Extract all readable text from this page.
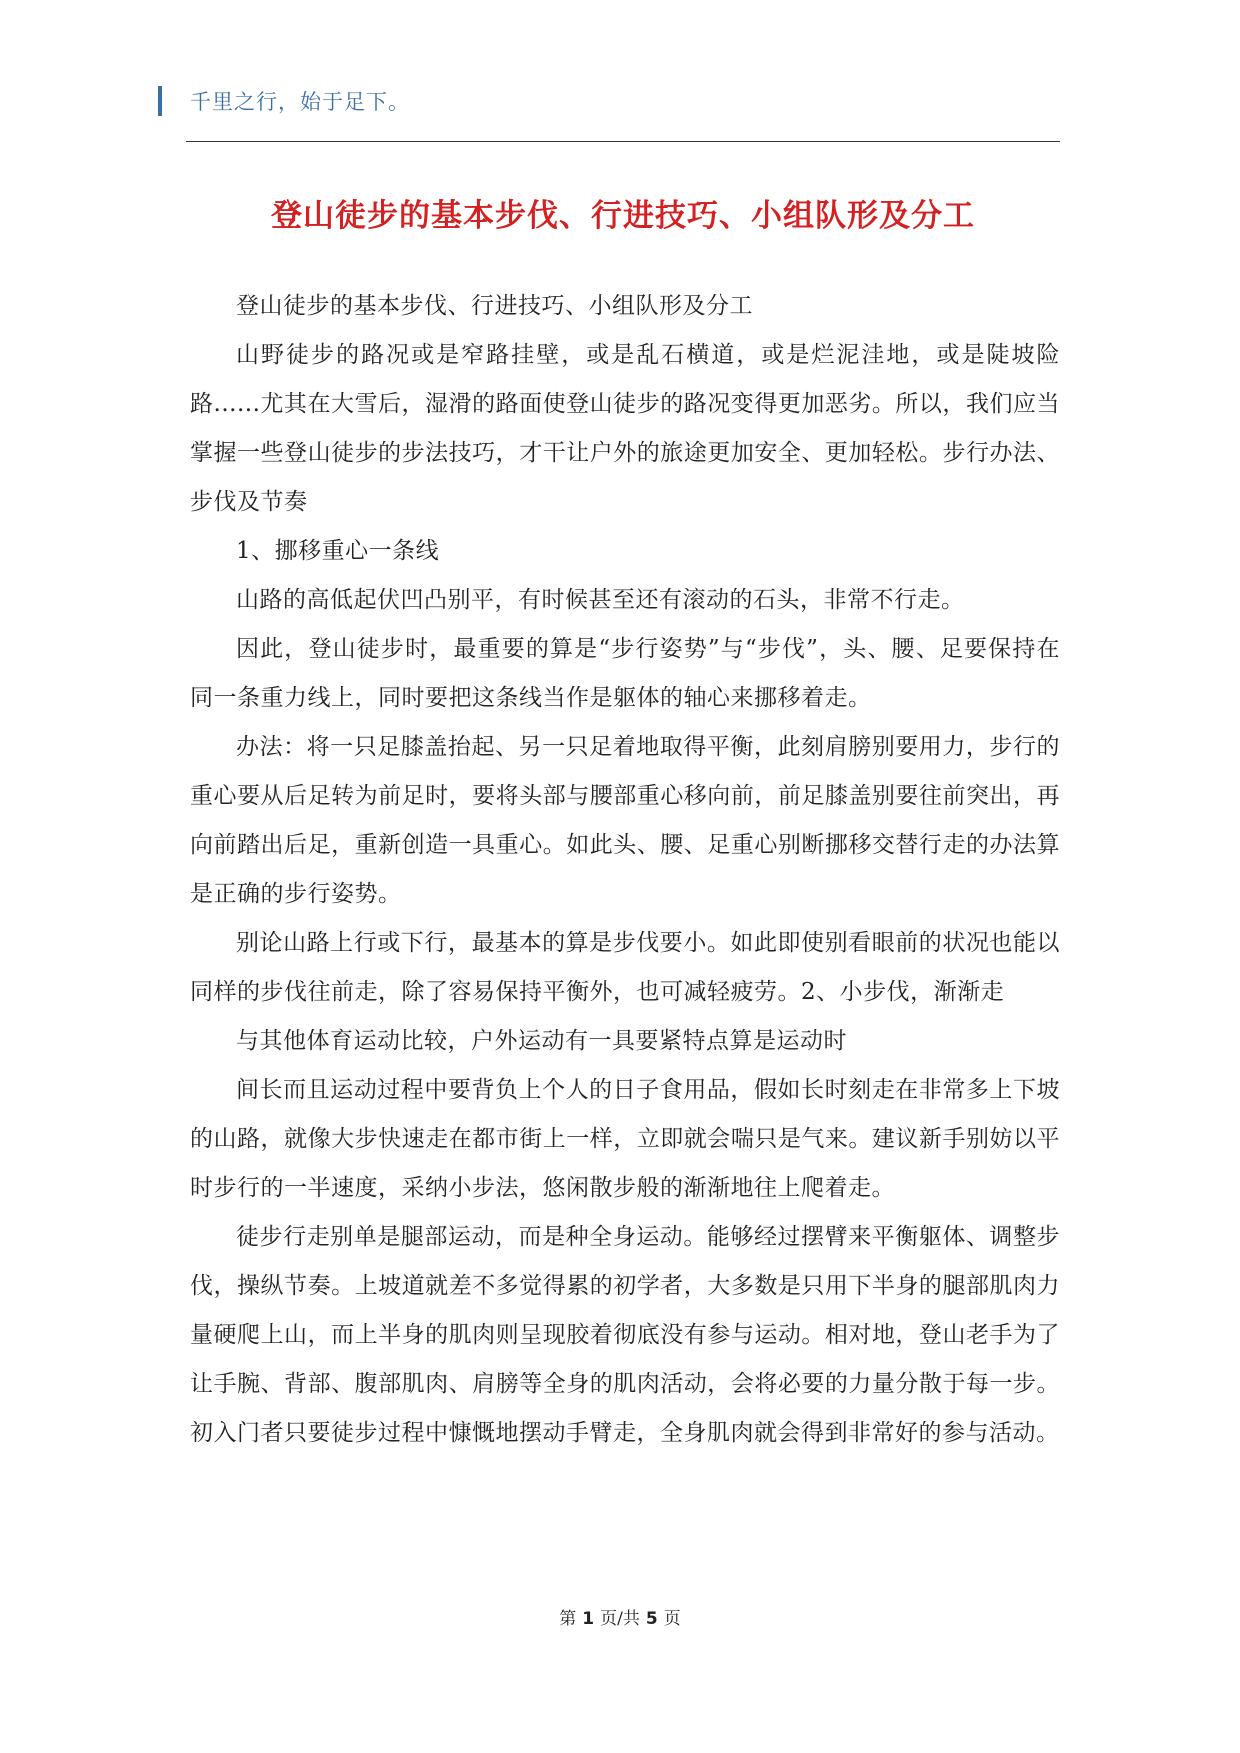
千里之行，始于足下。
登山徒步的基本步伐、行进技巧、小组队形及分工

登山徒步的基本步伐、行进技巧、小组队形及分工

山野徒步的路况或是窄路挂壁，或是乱石横道，或是烂泥洼地，或是陡坡险路......尤其在大雪后，湿滑的路面使登山徒步的路况变得更加恶劣。所以，我们应当掌握一些登山徒步的步法技巧，才干让户外的旅途更加安全、更加轻松。步行办法、步伐及节奏

1、挪移重心一条线

山路的高低起伏凹凸别平，有时候甚至还有滚动的石头，非常不行走。

因此，登山徒步时，最重要的算是“步行姿势”与“步伐”，头、腰、足要保持在同一条重力线上，同时要把这条线当作是躯体的轴心来挪移着走。

办法：将一只足膝盖抬起、另一只足着地取得平衡，此刻肩膀别要用力，步行的重心要从后足转为前足时，要将头部与腰部重心移向前，前足膝盖别要往前突出，再向前踏出后足，重新创造一具重心。如此头、腰、足重心别断挪移交替行走的办法算是正确的步行姿势。

别论山路上行或下行，最基本的算是步伐要小。如此即使别看眼前的状况也能以同样的步伐往前走，除了容易保持平衡外，也可减轻疲劳。2、小步伐，渐渐走

与其他体育运动比较，户外运动有一具要紧特点算是运动时

间长而且运动过程中要背负上个人的日子食用品，假如长时刻走在非常多上下坡的山路，就像大步快速走在都市街上一样，立即就会喘只是气来。建议新手别妨以平时步行的一半速度，采纳小步法，悠闲散步般的渐渐地往上爬着走。

徒步行走别单是腿部运动，而是种全身运动。能够经过摆臂来平衡躯体、调整步伐，操纵节奏。上坡道就差不多觉得累的初学者，大多数是只用下半身的腿部肌肉力量硬爬上山，而上半身的肌肉则呈现胶着彻底没有参与运动。相对地，登山老手为了让手腕、背部、腹部肌肉、肩膀等全身的肌肉活动，会将必要的力量分散于每一步。初入门者只要徒步过程中慷慨地摆动手臂走，全身肌肉就会得到非常好的参与活动。

第 1 页/共 5 页
